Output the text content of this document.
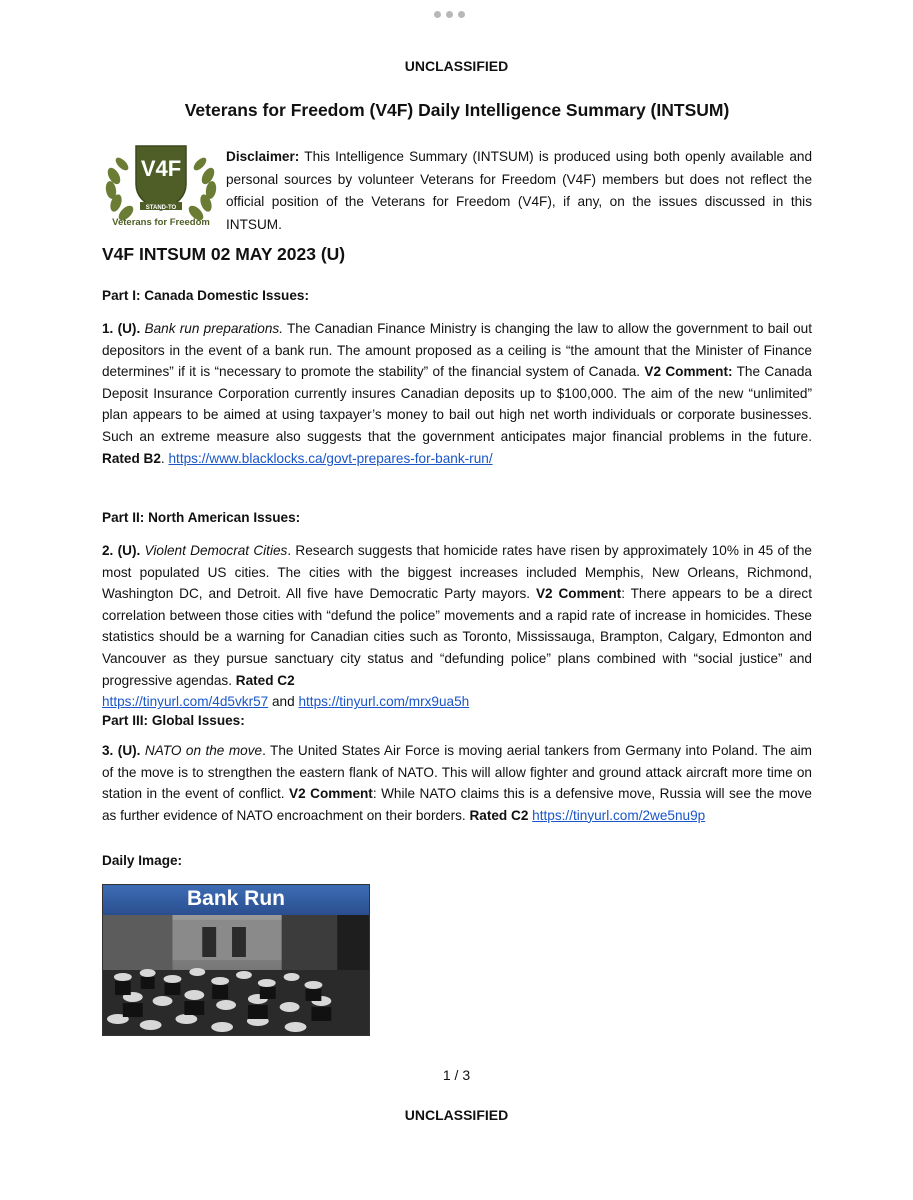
UNCLASSIFIED
Veterans for Freedom (V4F) Daily Intelligence Summary (INTSUM)
V4F
STAND-TO
Veterans for Freedom
Disclaimer: This Intelligence Summary (INTSUM) is produced using both openly available and personal sources by volunteer Veterans for Freedom (V4F) members but does not reflect the official position of the Veterans for Freedom (V4F), if any, on the issues discussed in this INTSUM.
V4F INTSUM 02 MAY 2023 (U)
Part I: Canada Domestic Issues:
1. (U). Bank run preparations. The Canadian Finance Ministry is changing the law to allow the government to bail out depositors in the event of a bank run. The amount proposed as a ceiling is “the amount that the Minister of Finance determines” if it is “necessary to promote the stability” of the financial system of Canada. V2 Comment: The Canada Deposit Insurance Corporation currently insures Canadian deposits up to $100,000. The aim of the new “unlimited” plan appears to be aimed at using taxpayer’s money to bail out high net worth individuals or corporate businesses. Such an extreme measure also suggests that the government anticipates major financial problems in the future. Rated B2. https://www.blacklocks.ca/govt-prepares-for-bank-run/
Part II: North American Issues:
2. (U). Violent Democrat Cities. Research suggests that homicide rates have risen by approximately 10% in 45 of the most populated US cities. The cities with the biggest increases included Memphis, New Orleans, Richmond, Washington DC, and Detroit. All five have Democratic Party mayors. V2 Comment: There appears to be a direct correlation between those cities with “defund the police” movements and a rapid rate of increase in homicides. These statistics should be a warning for Canadian cities such as Toronto, Mississauga, Brampton, Calgary, Edmonton and Vancouver as they pursue sanctuary city status and “defunding police” plans combined with “social justice” and progressive agendas. Rated C2
https://tinyurl.com/4d5vkr57 and https://tinyurl.com/mrx9ua5h
Part III: Global Issues:
3. (U). NATO on the move. The United States Air Force is moving aerial tankers from Germany into Poland. The aim of the move is to strengthen the eastern flank of NATO. This will allow fighter and ground attack aircraft more time on station in the event of conflict. V2 Comment: While NATO claims this is a defensive move, Russia will see the move as further evidence of NATO encroachment on their borders. Rated C2 https://tinyurl.com/2we5nu9p
Daily Image:
Bank Run
1 / 3
UNCLASSIFIED
